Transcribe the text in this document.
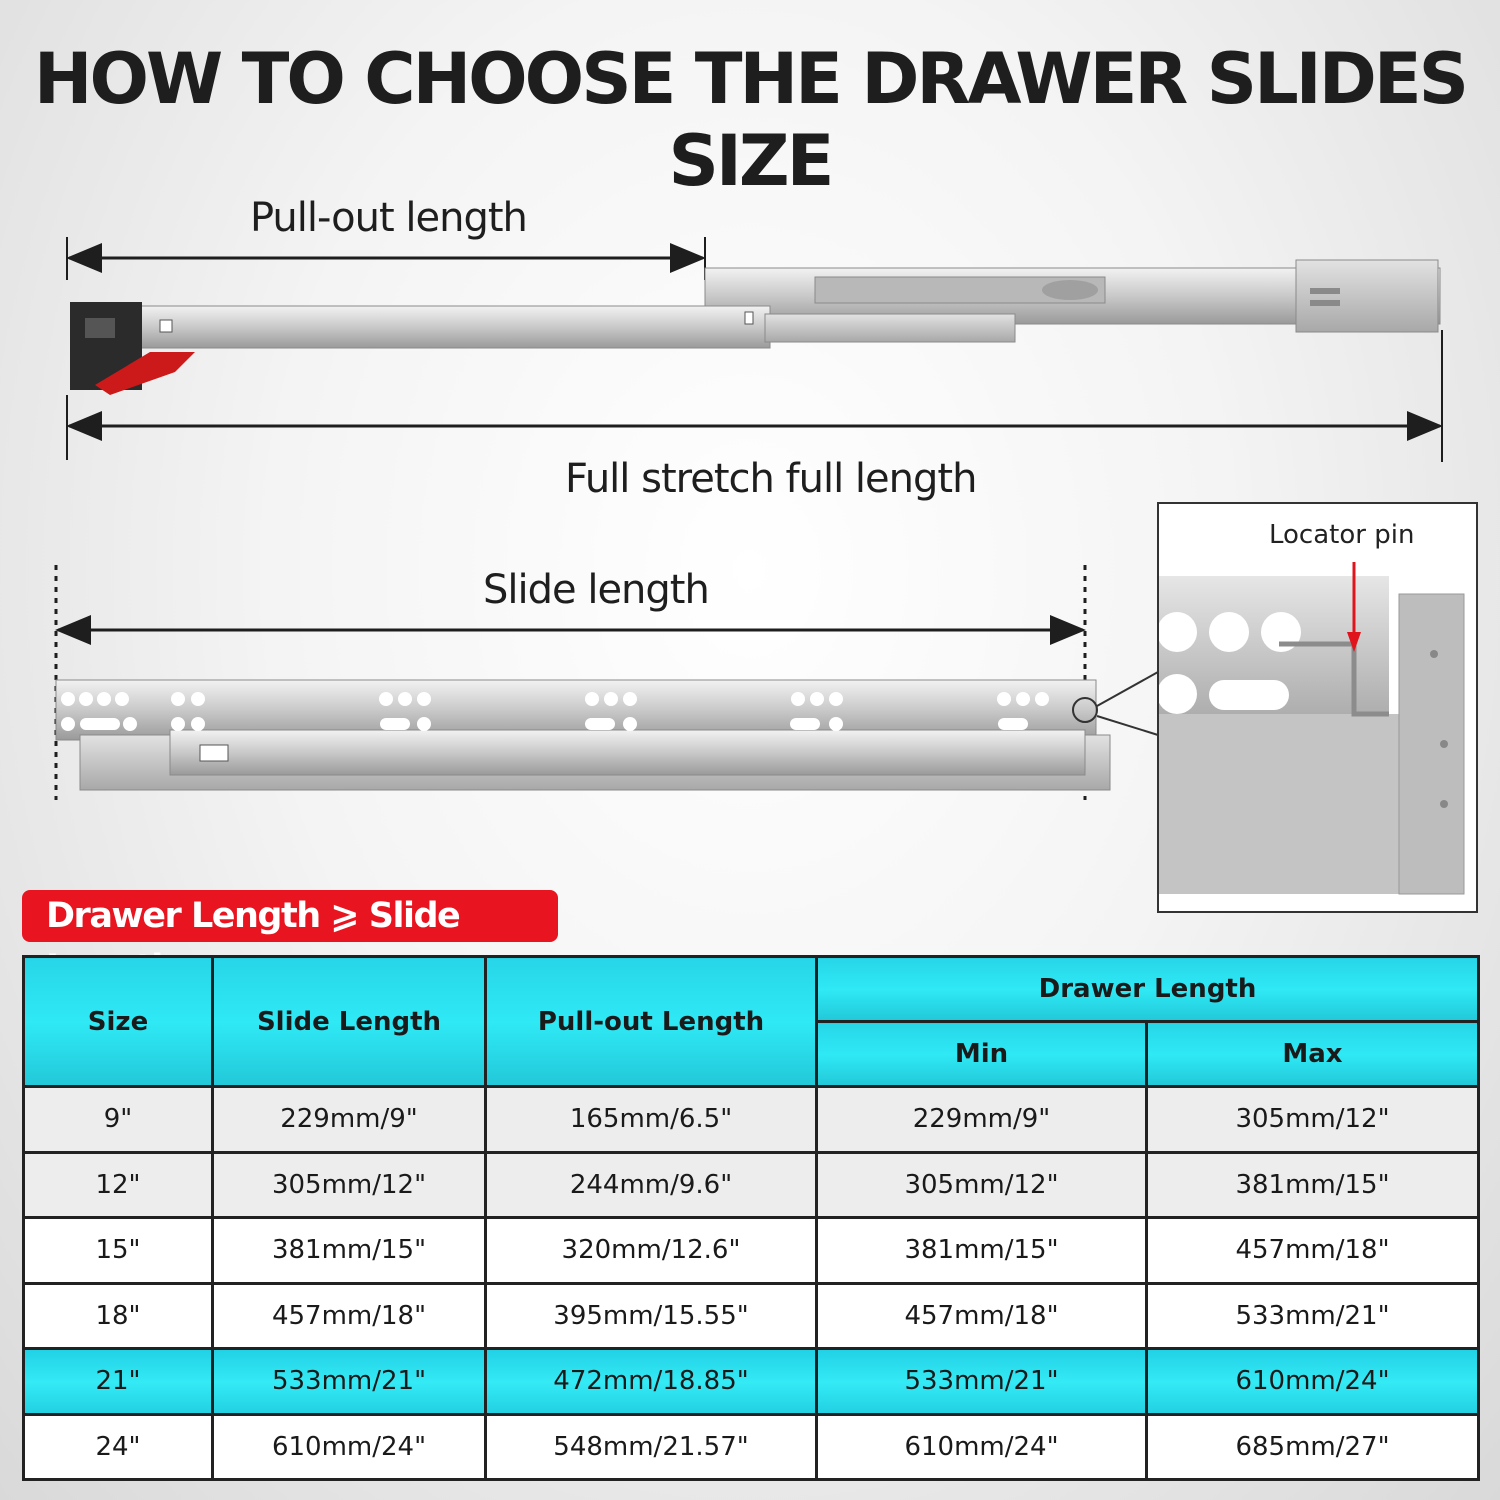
HOW TO CHOOSE THE DRAWER SLIDES SIZE
Pull-out length
Full stretch full length
Slide length
Locator pin
Drawer Length ⩾ Slide
Size	Slide Length	Pull-out Length	Drawer Length	
			Min	Max
9"	229mm/9"	165mm/6.5"	229mm/9"	305mm/12"
12"	305mm/12"	244mm/9.6"	305mm/12"	381mm/15"
15"	381mm/15"	320mm/12.6"	381mm/15"	457mm/18"
18"	457mm/18"	395mm/15.55"	457mm/18"	533mm/21"
21"	533mm/21"	472mm/18.85"	533mm/21"	610mm/24"
24"	610mm/24"	548mm/21.57"	610mm/24"	685mm/27"
